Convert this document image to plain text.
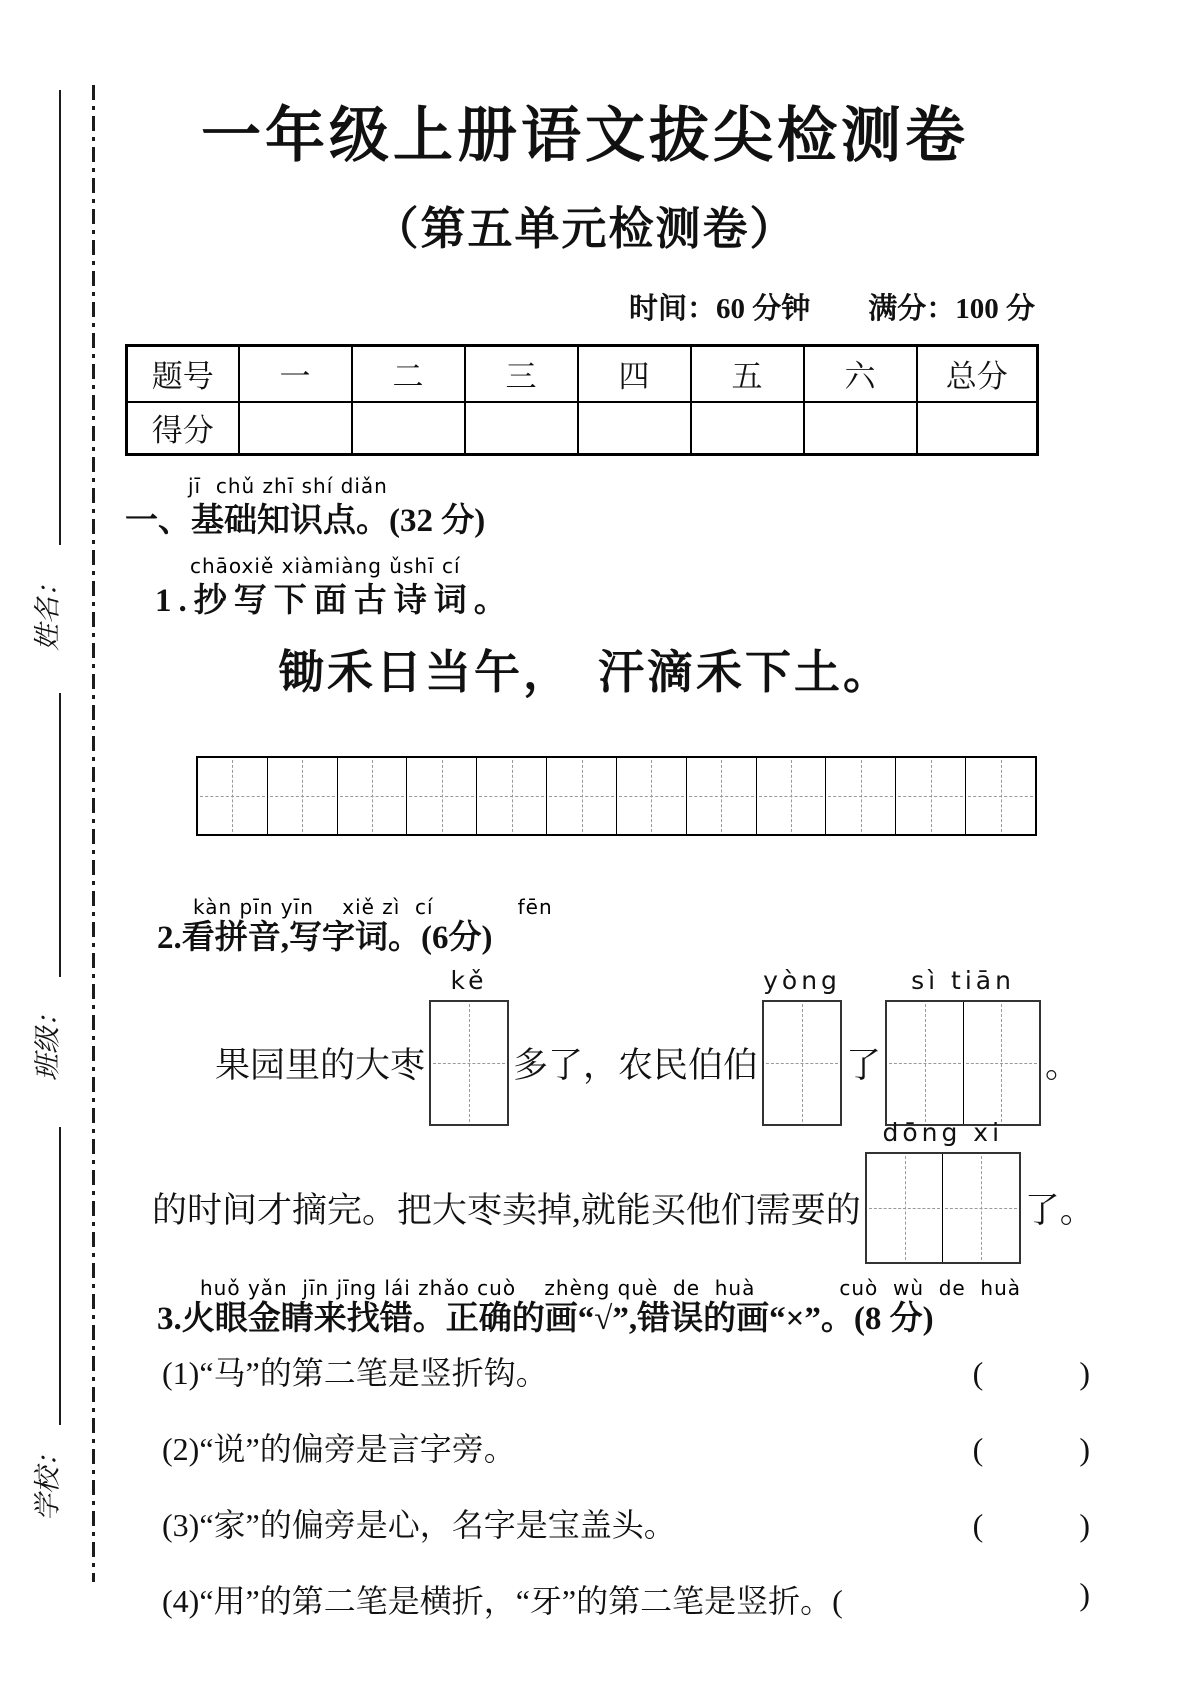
姓名：
班级：
学校：
一年级上册语文拔尖检测卷
（第五单元检测卷）
时间：60 分钟　　满分：100 分
题号	一	二	三	四	五	六	总分
得分							
jī  chǔ zhī shí diǎn
一、基础知识点。(32 分)
chāoxiě xiàmiàng ǔshī cí
1.抄写下面古诗词。
锄禾日当午，　汗滴禾下土。
kàn pīn yīn　 xiě zì  cí　　　　fēn
2.看拼音,写字词。(6分)
果园里的大枣
kě
多了，农民伯伯
yòng
了
sì tiān
。
的时间才摘完。把大枣卖掉,就能买他们需要的
dōng xi
了。
huǒ yǎn  jīn jīng lái zhǎo cuò　 zhèng què  de  huà　　　　cuò  wù  de  huà
3.火眼金睛来找错。正确的画“√”,错误的画“×”。(8 分)
(1)“马”的第二笔是竖折钩。	(　　　)
(2)“说”的偏旁是言字旁。	(　　　)
(3)“家”的偏旁是心，名字是宝盖头。	(　　　)
(4)“用”的第二笔是横折，“牙”的第二笔是竖折。(	)
